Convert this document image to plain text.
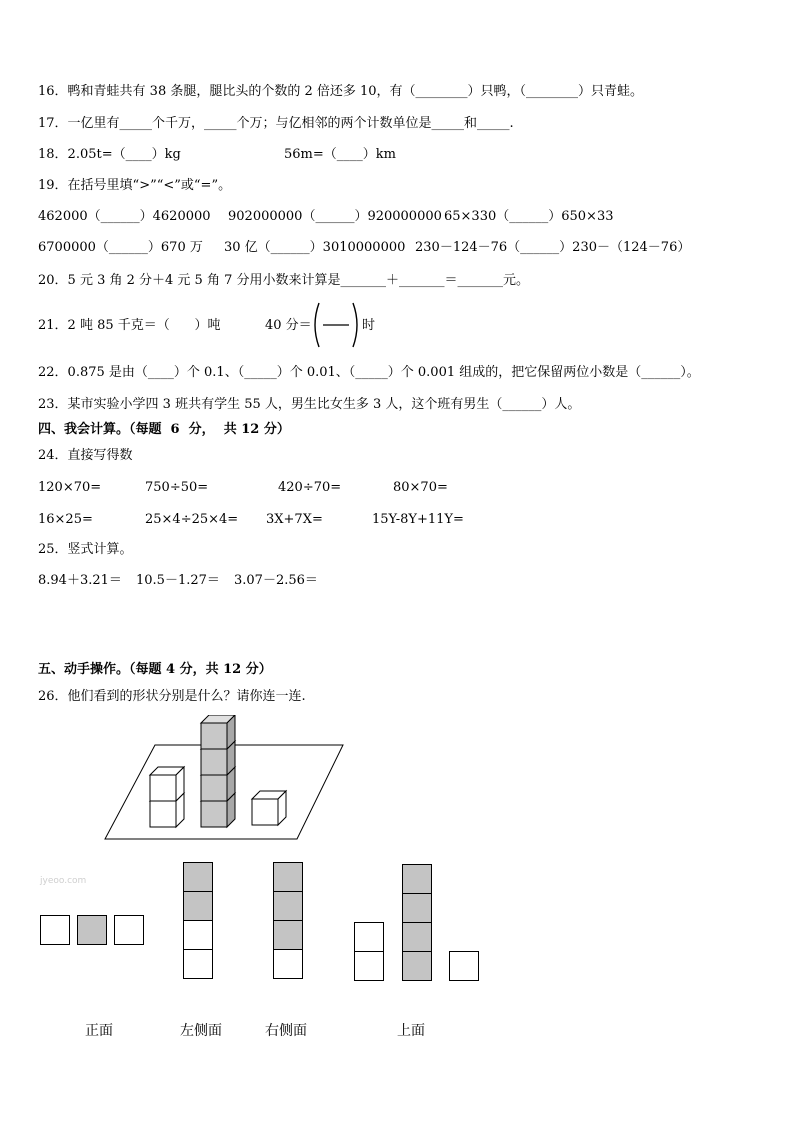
16．鸭和青蛙共有 38 条腿，腿比头的个数的 2 倍还多 10，有（________）只鸭，（________）只青蛙。
17．一亿里有_____个千万，_____个万；与亿相邻的两个计数单位是_____和_____.
18．2.05t=（____）kg	56m=（____）km
19．在括号里填“>”“<”或“=”。
462000（______）4620000 902000000（______）920000000 65×330（______）650×33
6700000（______）670 万 30 亿（______）3010000000 230－124－76（______）230－（124－76）
20．5 元 3 角 2 分＋4 元 5 角 7 分用小数来计算是_______＋_______＝_______元。
21．2 吨 85 千克＝（      ）吨	40 分＝	时
22．0.875 是由（____）个 0.1、（_____）个 0.01、（_____）个 0.001 组成的，把它保留两位小数是（______）。
23．某市实验小学四 3 班共有学生 55 人，男生比女生多 3 人，这个班有男生（______）人。
四、我会计算。（每题  6  分，  共 12 分）
24．直接写得数
120×70=	750÷50=	420÷70=	80×70=
16×25=	25×4÷25×4= 3X+7X=	15Y-8Y+11Y=
25．竖式计算。
8.94＋3.21＝ 10.5－1.27＝ 3.07－2.56＝
五、动手操作。（每题 4 分，共 12 分）
26．他们看到的形状分别是什么？请你连一连.
jyeoo.com
正面	左侧面	右侧面	上面
